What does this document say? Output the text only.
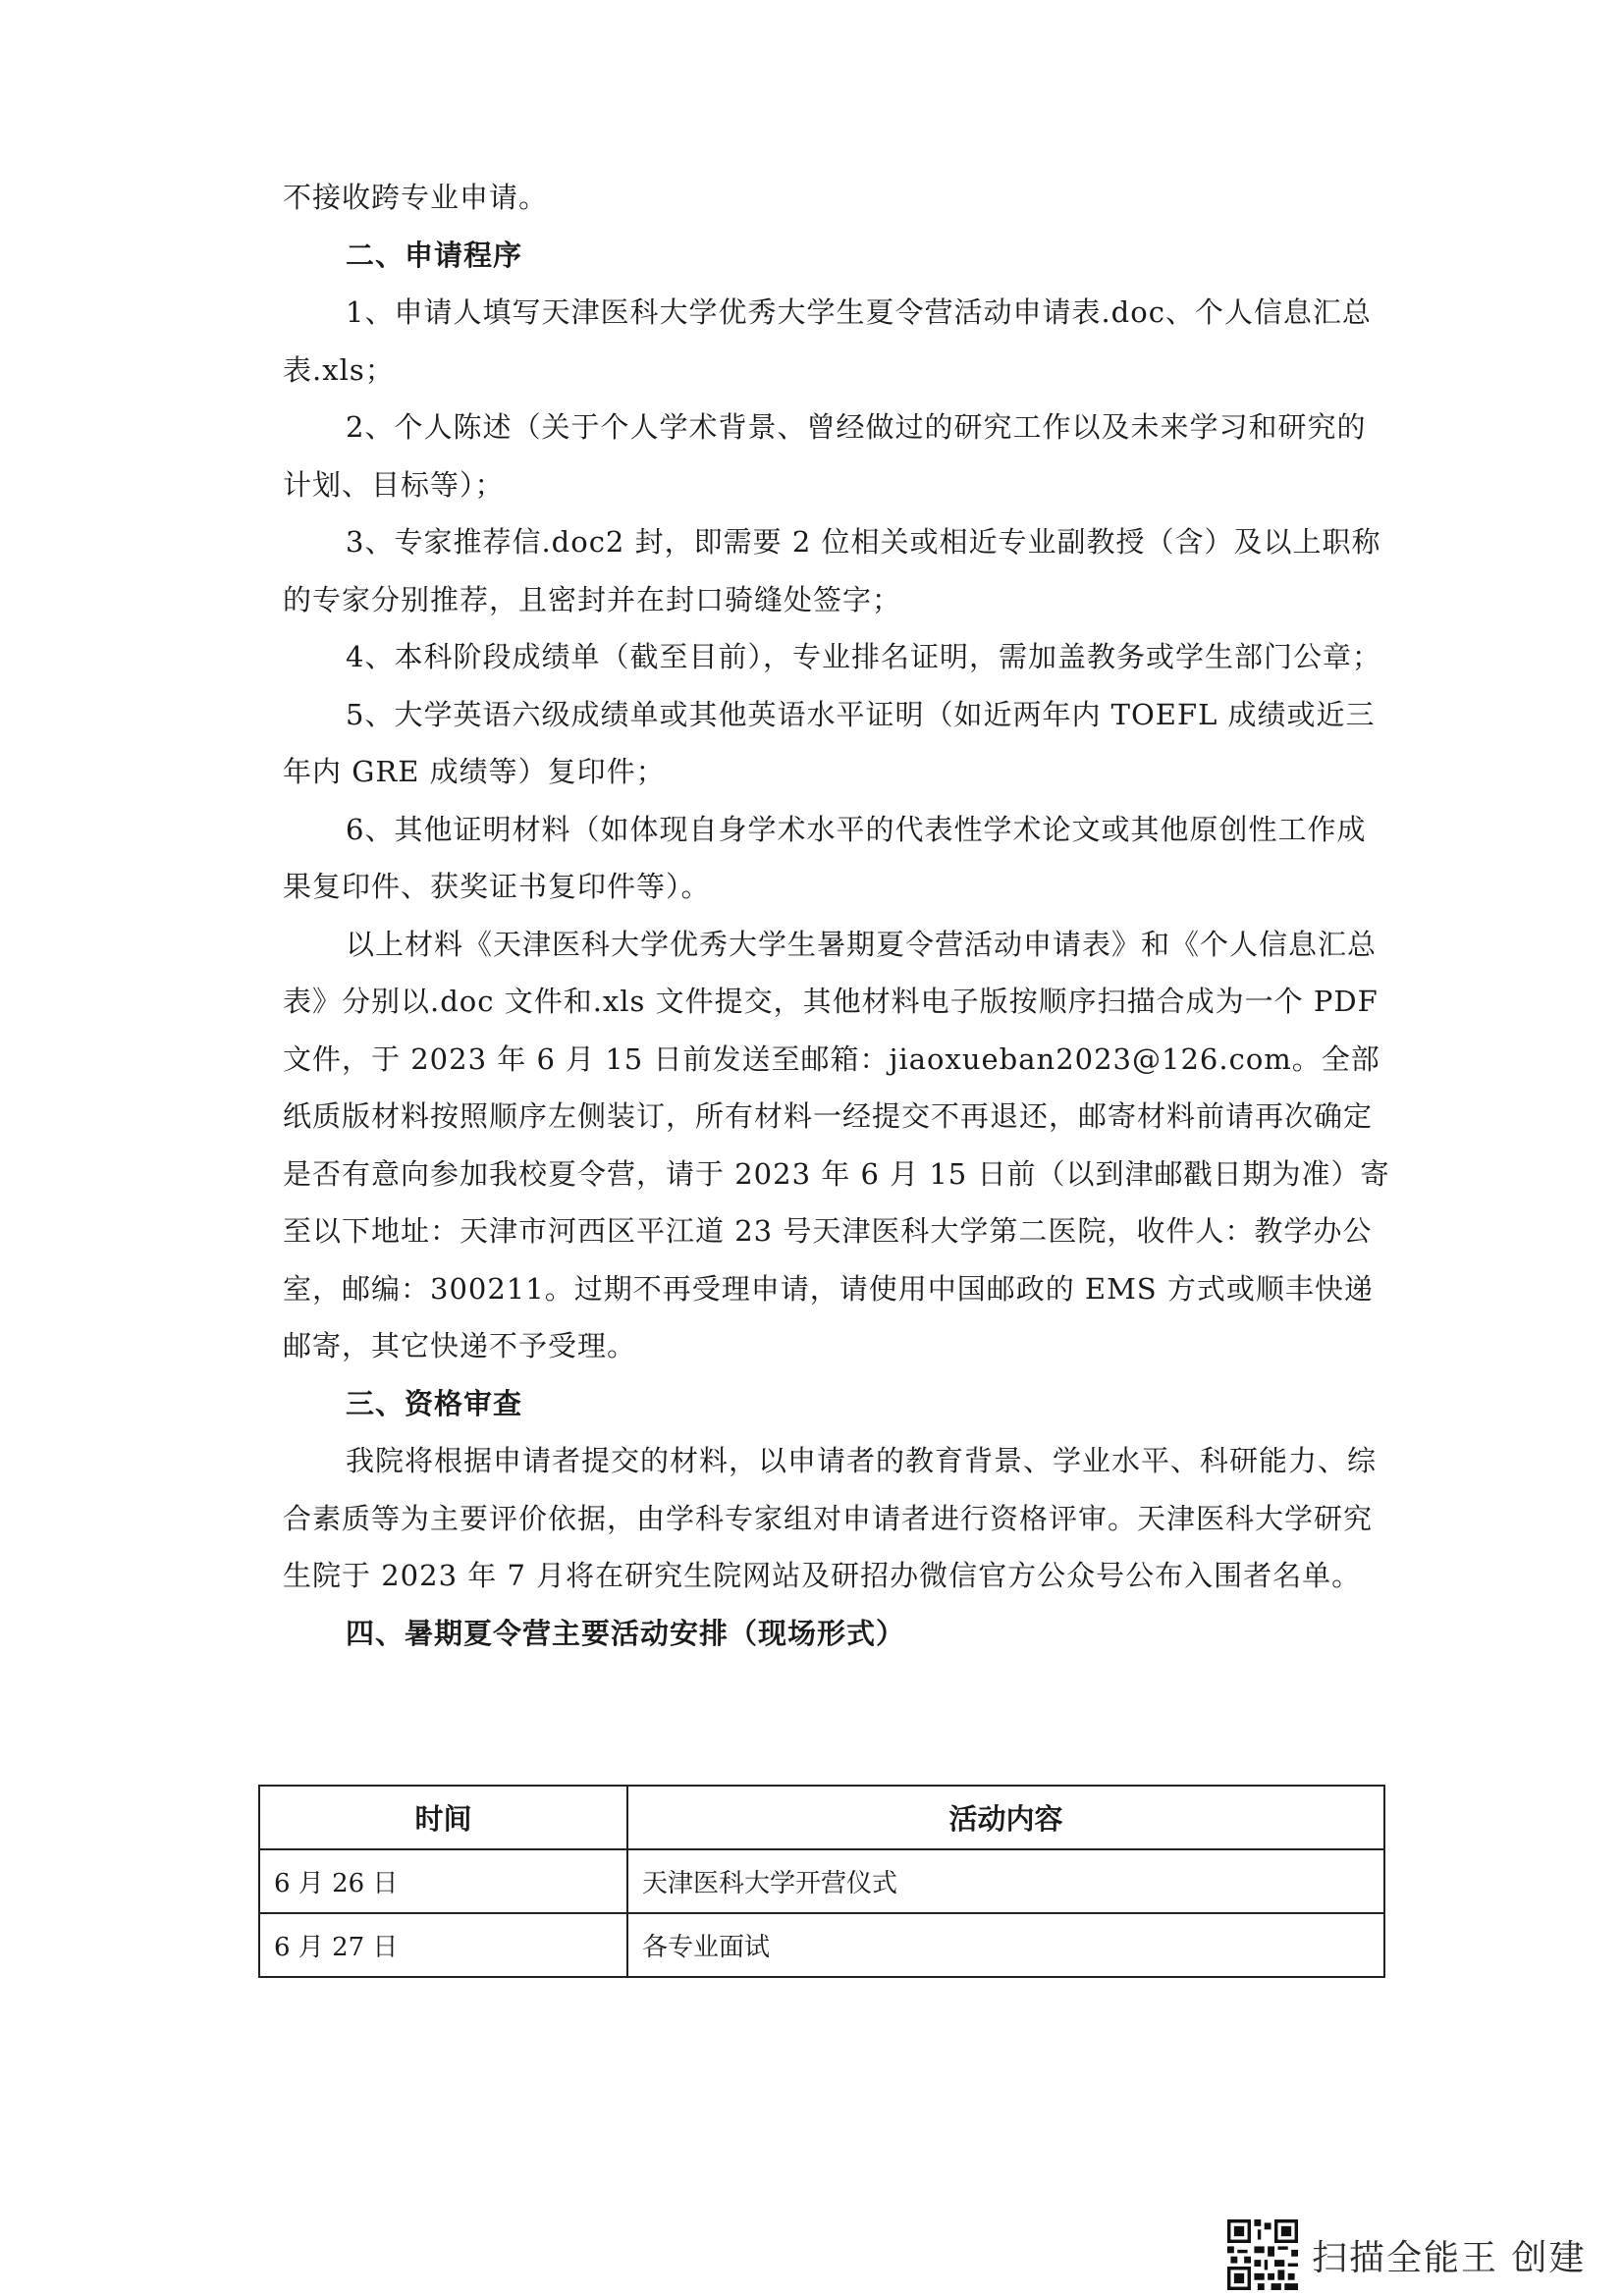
不接收跨专业申请。

二、申请程序

1、申请人填写天津医科大学优秀大学生夏令营活动申请表.doc、个人信息汇总表.xls；

2、个人陈述（关于个人学术背景、曾经做过的研究工作以及未来学习和研究的计划、目标等）；

3、专家推荐信.doc2 封，即需要 2 位相关或相近专业副教授（含）及以上职称的专家分别推荐，且密封并在封口骑缝处签字；

4、本科阶段成绩单（截至目前），专业排名证明，需加盖教务或学生部门公章；

5、大学英语六级成绩单或其他英语水平证明（如近两年内 TOEFL 成绩或近三年内 GRE 成绩等）复印件；

6、其他证明材料（如体现自身学术水平的代表性学术论文或其他原创性工作成果复印件、获奖证书复印件等）。

以上材料《天津医科大学优秀大学生暑期夏令营活动申请表》和《个人信息汇总表》分别以.doc 文件和.xls 文件提交，其他材料电子版按顺序扫描合成为一个 PDF 文件，于 2023 年 6 月 15 日前发送至邮箱：jiaoxueban2023@126.com。全部纸质版材料按照顺序左侧装订，所有材料一经提交不再退还，邮寄材料前请再次确定是否有意向参加我校夏令营，请于 2023 年 6 月 15 日前（以到津邮戳日期为准）寄至以下地址：天津市河西区平江道 23 号天津医科大学第二医院，收件人：教学办公室，邮编：300211。过期不再受理申请，请使用中国邮政的 EMS 方式或顺丰快递邮寄，其它快递不予受理。

三、资格审查

我院将根据申请者提交的材料，以申请者的教育背景、学业水平、科研能力、综合素质等为主要评价依据，由学科专家组对申请者进行资格评审。天津医科大学研究生院于 2023 年 7 月将在研究生院网站及研招办微信官方公众号公布入围者名单。

四、暑期夏令营主要活动安排（现场形式）

时间	活动内容
6 月 26 日	天津医科大学开营仪式
6 月 27 日	各专业面试
扫描全能王 创建
